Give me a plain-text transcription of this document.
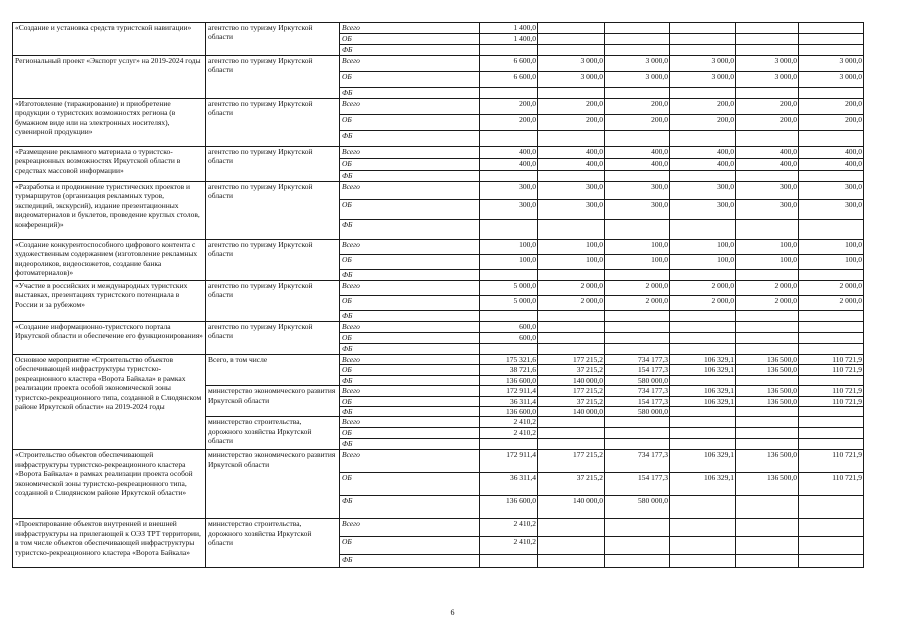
«Создание и установка средств туристской навигации»	агентство по туризму Иркутской области	Всего	1 400,0					
		ОБ	1 400,0					
		ФБ						
Региональный проект «Экспорт услуг» на 2019-2024 годы	агентство по туризму Иркутской области	Всего	6 600,0	3 000,0	3 000,0	3 000,0	3 000,0	3 000,0
		ОБ	6 600,0	3 000,0	3 000,0	3 000,0	3 000,0	3 000,0
		ФБ						
«Изготовление (тиражирование) и приобретение продукции о туристских возможностях региона (в бумажном виде или на электронных носителях), сувенирной продукции»	агентство по туризму Иркутской области	Всего	200,0	200,0	200,0	200,0	200,0	200,0
		ОБ	200,0	200,0	200,0	200,0	200,0	200,0
		ФБ						
«Размещение рекламного материала о туристско-рекреационных возможностях Иркутской области в средствах массовой информации»	агентство по туризму Иркутской области	Всего	400,0	400,0	400,0	400,0	400,0	400,0
		ОБ	400,0	400,0	400,0	400,0	400,0	400,0
		ФБ						
«Разработка и продвижение туристических проектов и турмаршрутов (организация рекламных туров, экспедиций, экскурсий), издание презентационных видеоматериалов и буклетов, проведение круглых столов, конференций)»	агентство по туризму Иркутской области	Всего	300,0	300,0	300,0	300,0	300,0	300,0
		ОБ	300,0	300,0	300,0	300,0	300,0	300,0
		ФБ						
«Создание конкурентоспособного цифрового контента с художественным содержанием (изготовление рекламных видеороликов, видеосюжетов, создание банка фотоматериалов)»	агентство по туризму Иркутской области	Всего	100,0	100,0	100,0	100,0	100,0	100,0
		ОБ	100,0	100,0	100,0	100,0	100,0	100,0
		ФБ						
«Участие в российских и международных туристских выставках, презентациях туристского потенциала в России и за рубежом»	агентство по туризму Иркутской области	Всего	5 000,0	2 000,0	2 000,0	2 000,0	2 000,0	2 000,0
		ОБ	5 000,0	2 000,0	2 000,0	2 000,0	2 000,0	2 000,0
		ФБ						
«Создание информационно-туристского портала Иркутской области и обеспечение его функционирования»	агентство по туризму Иркутской области	Всего	600,0					
		ОБ	600,0					
		ФБ						
Основное мероприятие «Строительство объектов обеспечивающей инфраструктуры туристско-рекреационного кластера «Ворота Байкала» в рамках реализации проекта особой экономической зоны туристско-рекреационного типа, созданной в Слюдянском районе Иркутской области» на 2019-2024 годы	Всего, в том числе	Всего	175 321,6	177 215,2	734 177,3	106 329,1	136 500,0	110 721,9
		ОБ	38 721,6	37 215,2	154 177,3	106 329,1	136 500,0	110 721,9
		ФБ	136 600,0	140 000,0	580 000,0			
	министерство экономического развития Иркутской области	Всего	172 911,4	177 215,2	734 177,3	106 329,1	136 500,0	110 721,9
		ОБ	36 311,4	37 215,2	154 177,3	106 329,1	136 500,0	110 721,9
		ФБ	136 600,0	140 000,0	580 000,0			
	министерство строительства, дорожного хозяйства Иркутской области	Всего	2 410,2					
		ОБ	2 410,2					
		ФБ						
«Строительство объектов обеспечивающей инфраструктуры туристско-рекреационного кластера «Ворота Байкала» в рамках реализации проекта особой экономической зоны туристско-рекреационного типа, созданной в Слюдянском районе Иркутской области»	министерство экономического развития Иркутской области	Всего	172 911,4	177 215,2	734 177,3	106 329,1	136 500,0	110 721,9
		ОБ	36 311,4	37 215,2	154 177,3	106 329,1	136 500,0	110 721,9
		ФБ	136 600,0	140 000,0	580 000,0			
«Проектирование объектов внутренней и внешней инфраструктуры на прилегающей к ОЭЗ ТРТ территории, в том числе объектов обеспечивающей инфраструктуры туристско-рекреационного кластера «Ворота Байкала»	министерство строительства, дорожного хозяйства Иркутской области	Всего	2 410,2					
		ОБ	2 410,2					
		ФБ						
6
